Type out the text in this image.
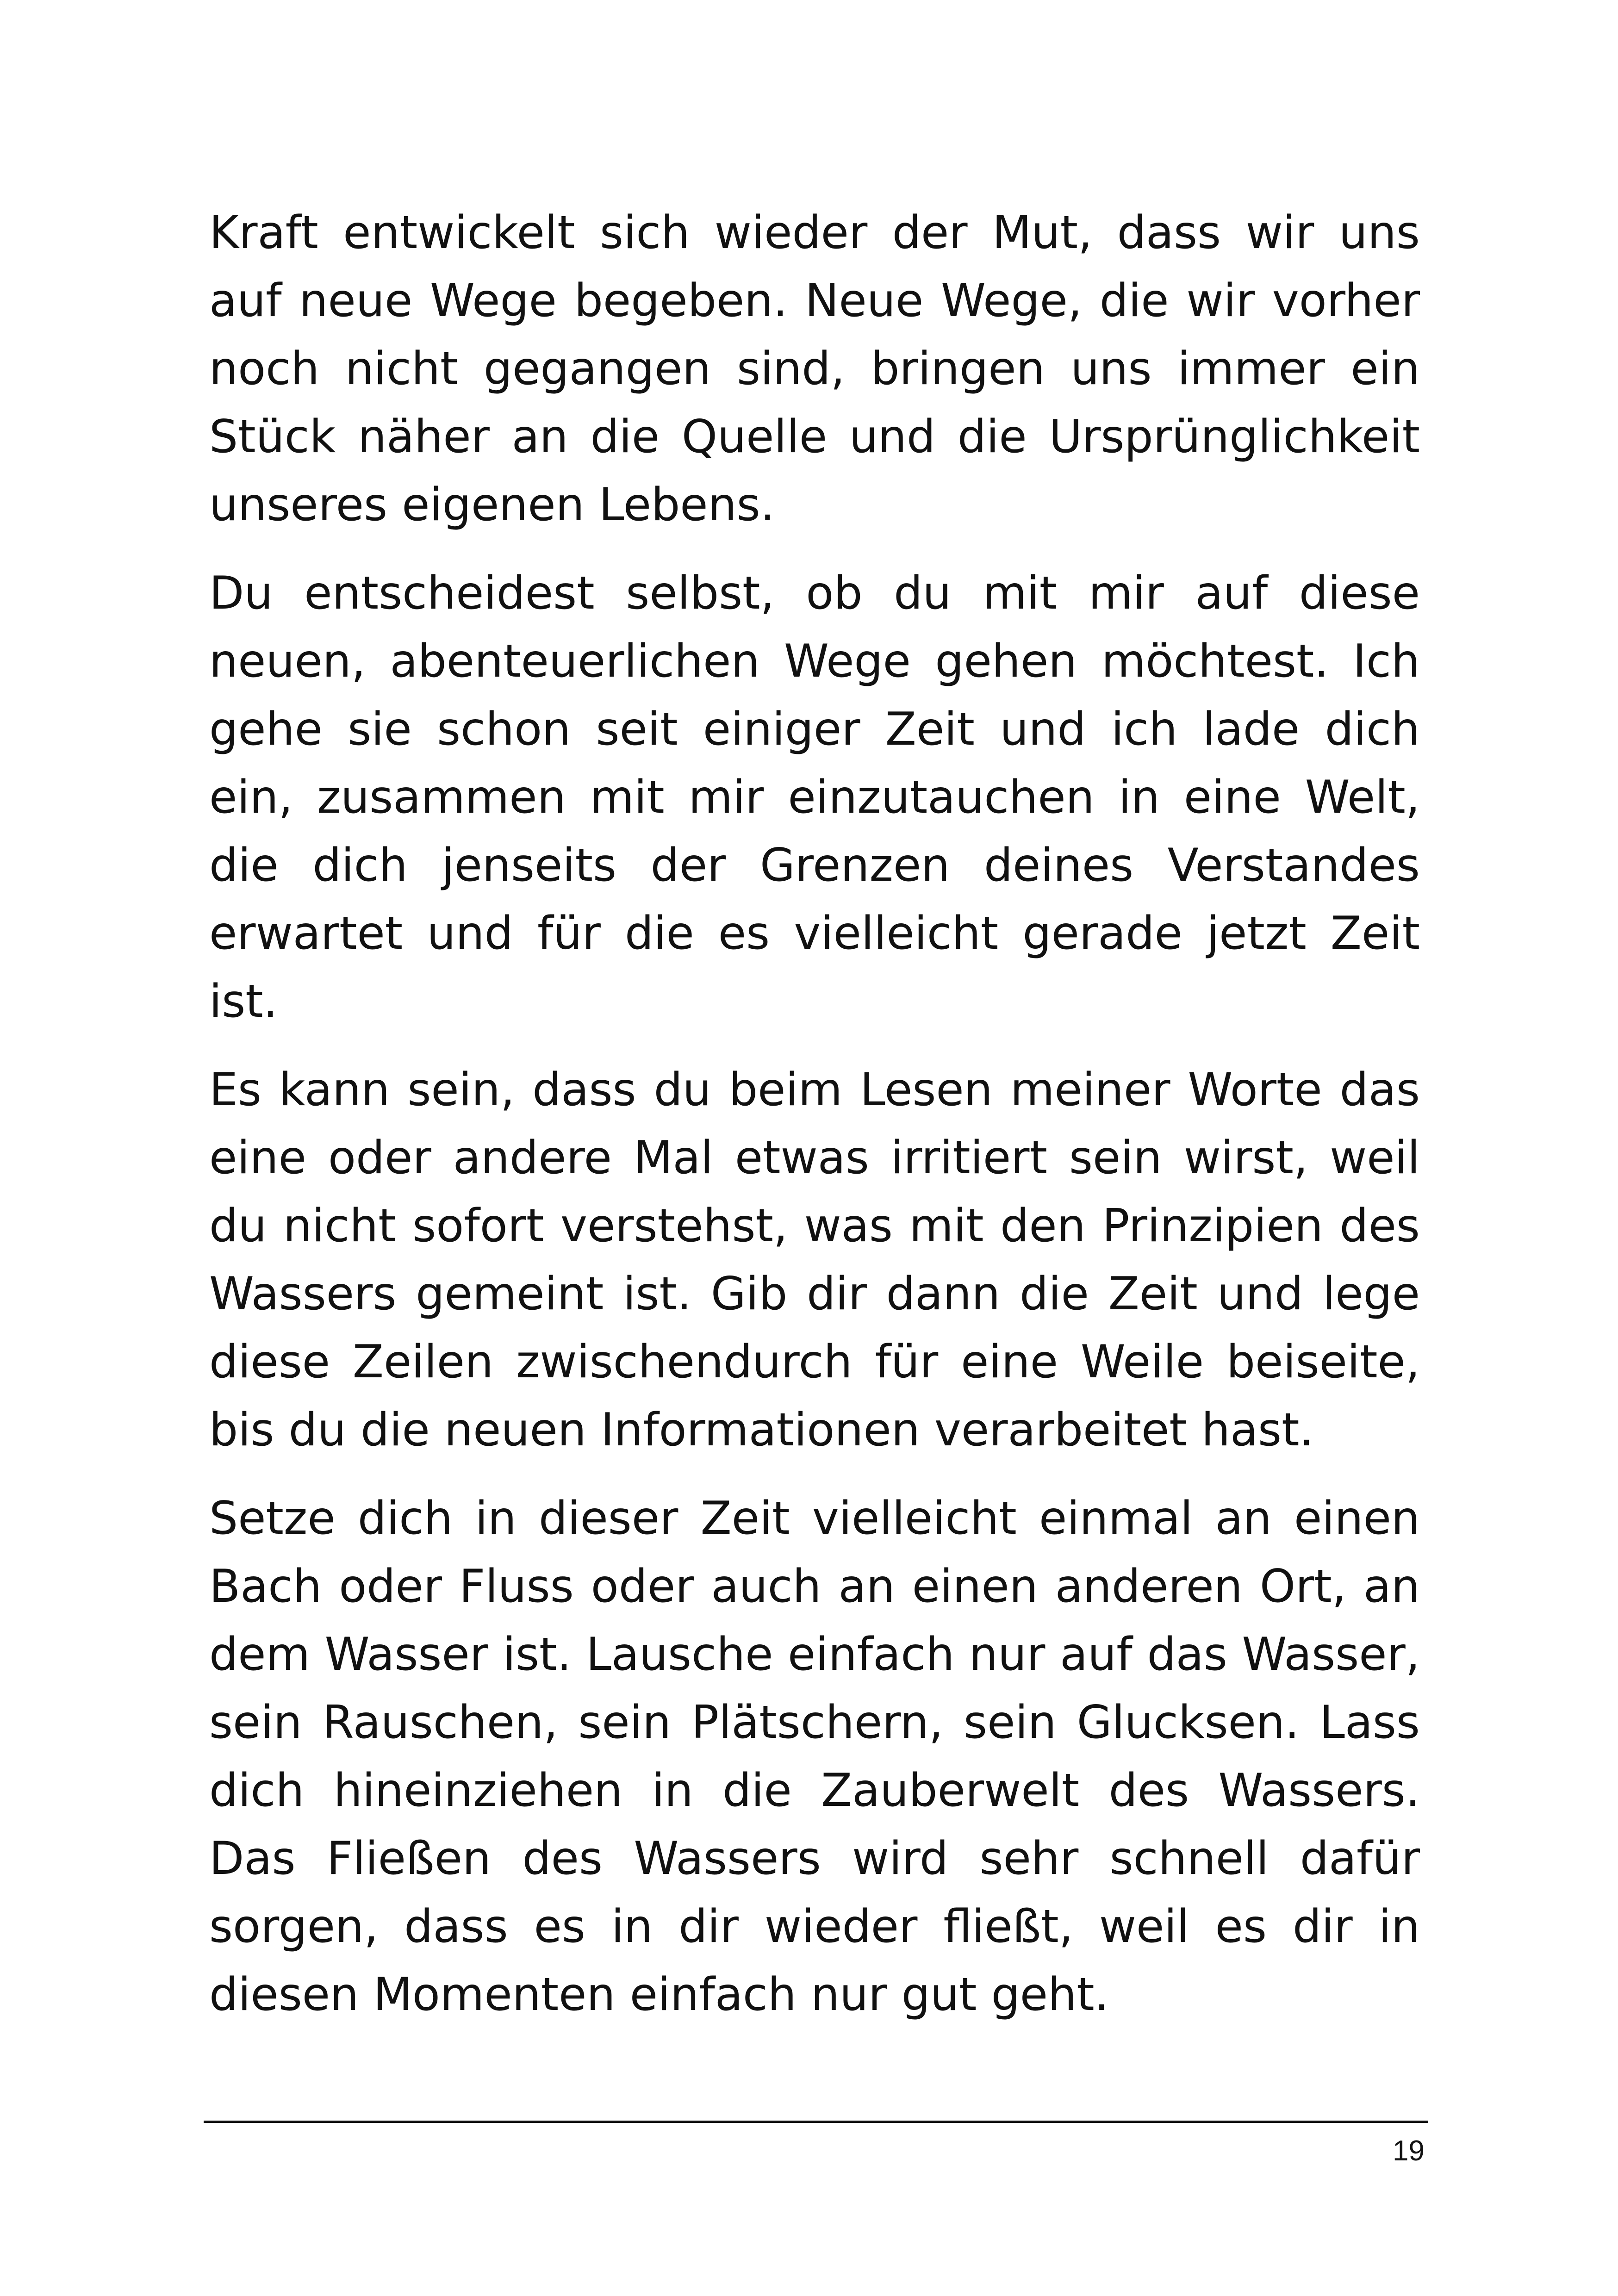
Kraft entwickelt sich wieder der Mut, dass wir uns auf neue Wege begeben. Neue Wege, die wir vorher noch nicht gegangen sind, bringen uns immer ein Stück näher an die Quelle und die Ursprünglichkeit unseres eigenen Lebens.

Du entscheidest selbst, ob du mit mir auf diese neuen, abenteuerlichen Wege gehen möchtest. Ich gehe sie schon seit einiger Zeit und ich lade dich ein, zusammen mit mir einzutauchen in eine Welt, die dich jenseits der Grenzen deines Verstandes erwartet und für die es vielleicht gerade jetzt Zeit ist.

Es kann sein, dass du beim Lesen meiner Worte das eine oder andere Mal etwas irritiert sein wirst, weil du nicht sofort verstehst, was mit den Prinzipien des Wassers gemeint ist. Gib dir dann die Zeit und lege diese Zeilen zwischendurch für eine Weile beiseite, bis du die neuen Informationen verarbeitet hast.

Setze dich in dieser Zeit vielleicht einmal an einen Bach oder Fluss oder auch an einen anderen Ort, an dem Wasser ist. Lausche einfach nur auf das Wasser, sein Rauschen, sein Plätschern, sein Glucksen. Lass dich hineinziehen in die Zauberwelt des Wassers. Das Fließen des Wassers wird sehr schnell dafür sorgen, dass es in dir wieder fließt, weil es dir in diesen Momenten einfach nur gut geht.

19
